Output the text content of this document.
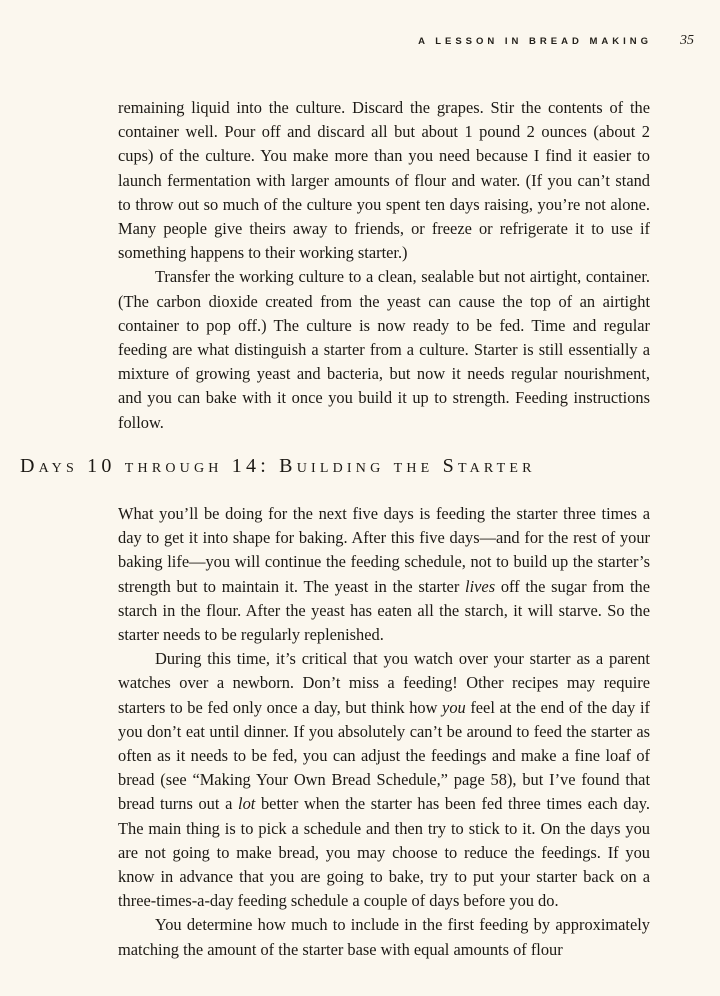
A LESSON IN BREAD MAKING 35

remaining liquid into the culture. Discard the grapes. Stir the contents of the container well. Pour off and discard all but about 1 pound 2 ounces (about 2 cups) of the culture. You make more than you need because I find it easier to launch fermentation with larger amounts of flour and water. (If you can’t stand to throw out so much of the culture you spent ten days raising, you’re not alone. Many people give theirs away to friends, or freeze or refrigerate it to use if something happens to their working starter.)

Transfer the working culture to a clean, sealable but not airtight, container. (The carbon dioxide created from the yeast can cause the top of an airtight container to pop off.) The culture is now ready to be fed. Time and regular feeding are what distinguish a starter from a culture. Starter is still essentially a mixture of growing yeast and bacteria, but now it needs regular nourishment, and you can bake with it once you build it up to strength. Feeding instructions follow.

Days 10 through 14: Building the Starter

What you’ll be doing for the next five days is feeding the starter three times a day to get it into shape for baking. After this five days—and for the rest of your baking life—you will continue the feeding schedule, not to build up the starter’s strength but to maintain it. The yeast in the starter lives off the sugar from the starch in the flour. After the yeast has eaten all the starch, it will starve. So the starter needs to be regularly replenished.

During this time, it’s critical that you watch over your starter as a parent watches over a newborn. Don’t miss a feeding! Other recipes may require starters to be fed only once a day, but think how you feel at the end of the day if you don’t eat until dinner. If you absolutely can’t be around to feed the starter as often as it needs to be fed, you can adjust the feedings and make a fine loaf of bread (see “Making Your Own Bread Schedule,” page 58), but I’ve found that bread turns out a lot better when the starter has been fed three times each day. The main thing is to pick a schedule and then try to stick to it. On the days you are not going to make bread, you may choose to reduce the feedings. If you know in advance that you are going to bake, try to put your starter back on a three-times-a-day feeding schedule a couple of days before you do.

You determine how much to include in the first feeding by approximately matching the amount of the starter base with equal amounts of flour
